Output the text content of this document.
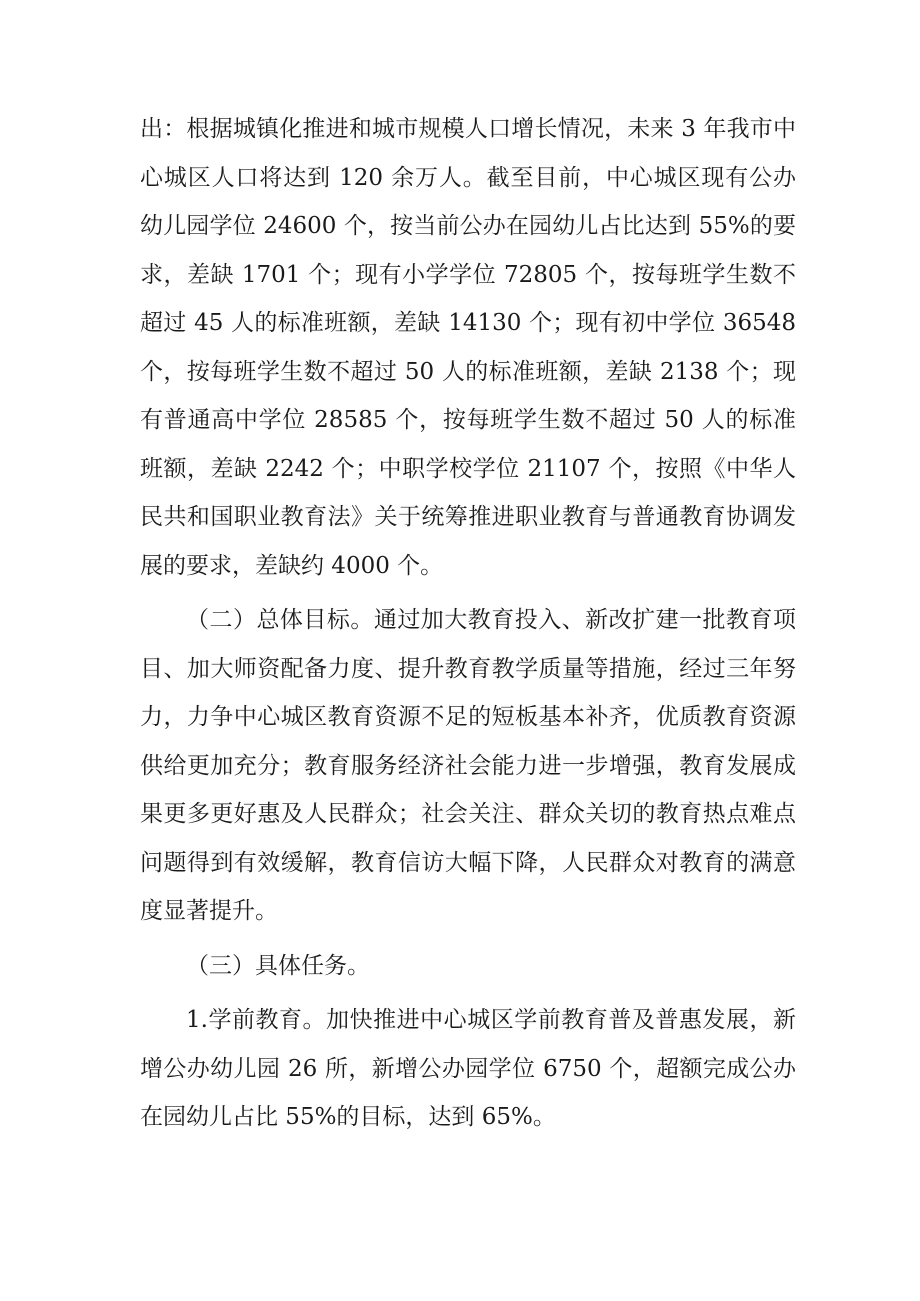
出：根据城镇化推进和城市规模人口增长情况，未来 3 年我市中心城区人口将达到 120 余万人。截至目前，中心城区现有公办幼儿园学位 24600 个，按当前公办在园幼儿占比达到 55%的要求，差缺 1701 个；现有小学学位 72805 个，按每班学生数不超过 45 人的标准班额，差缺 14130 个；现有初中学位 36548 个，按每班学生数不超过 50 人的标准班额，差缺 2138 个；现有普通高中学位 28585 个，按每班学生数不超过 50 人的标准班额，差缺 2242 个；中职学校学位 21107 个，按照《中华人民共和国职业教育法》关于统筹推进职业教育与普通教育协调发展的要求，差缺约 4000 个。

（二）总体目标。通过加大教育投入、新改扩建一批教育项目、加大师资配备力度、提升教育教学质量等措施，经过三年努力，力争中心城区教育资源不足的短板基本补齐，优质教育资源供给更加充分；教育服务经济社会能力进一步增强，教育发展成果更多更好惠及人民群众；社会关注、群众关切的教育热点难点问题得到有效缓解，教育信访大幅下降，人民群众对教育的满意度显著提升。

（三）具体任务。

1.学前教育。加快推进中心城区学前教育普及普惠发展，新增公办幼儿园 26 所，新增公办园学位 6750 个，超额完成公办在园幼儿占比 55%的目标，达到 65%。
